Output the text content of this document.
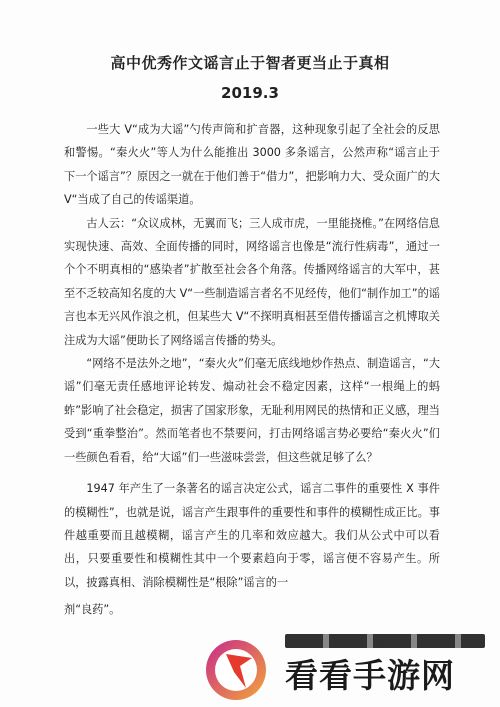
高中优秀作文谣言止于智者更当止于真相
2019.3

一些大 V“成为大谣”勺传声筒和扩音器，这种现象引起了全社会的反思和警惕。“秦火火”等人为什么能推出 3000 多条谣言，公然声称“谣言止于下一个谣言”？原因之一就在于他们善于“借力”，把影响力大、受众面广的大 V“当成了自己的传谣渠道。

古人云：“众议成林，无翼而飞；三人成市虎，一里能挠椎。”在网络信息实现快速、高效、全面传播的同时，网络谣言也像是“流行性病毒”，通过一个个不明真相的“感染者”扩散至社会各个角落。传播网络谣言的大军中，甚至不乏较高知名度的大 V“一些制造谣言者名不见经传，他们“制作加工”的谣言也本无兴风作浪之机，但某些大 V“不探明真相甚至借传播谣言之机博取关注成为大谣”便助长了网络谣言传播的势头。

“网络不是法外之地”，“秦火火”们毫无底线地炒作热点、制造谣言，“大谣”们毫无责任感地评论转发、煽动社会不稳定因素，这样“一根绳上的蚂蚱”影响了社会稳定，损害了国家形象，无耻利用网民的热情和正义感，理当受到“重拳整治”。然而笔者也不禁要问，打击网络谣言势必要给“秦火火”们一些颜色看看，给“大谣”们一些滋味尝尝，但这些就足够了么？

1947 年产生了一条著名的谣言决定公式，谣言二事件的重要性 X 事件的模糊性”，也就是说，谣言产生跟事件的重要性和事件的模糊性成正比。事件越重要而且越模糊，谣言产生的几率和效应越大。我们从公式中可以看出，只要重要性和模糊性其中一个要素趋向于零，谣言便不容易产生。所以，披露真相、消除模糊性是“根除”谣言的一

剂“良药”。

看看手游网
